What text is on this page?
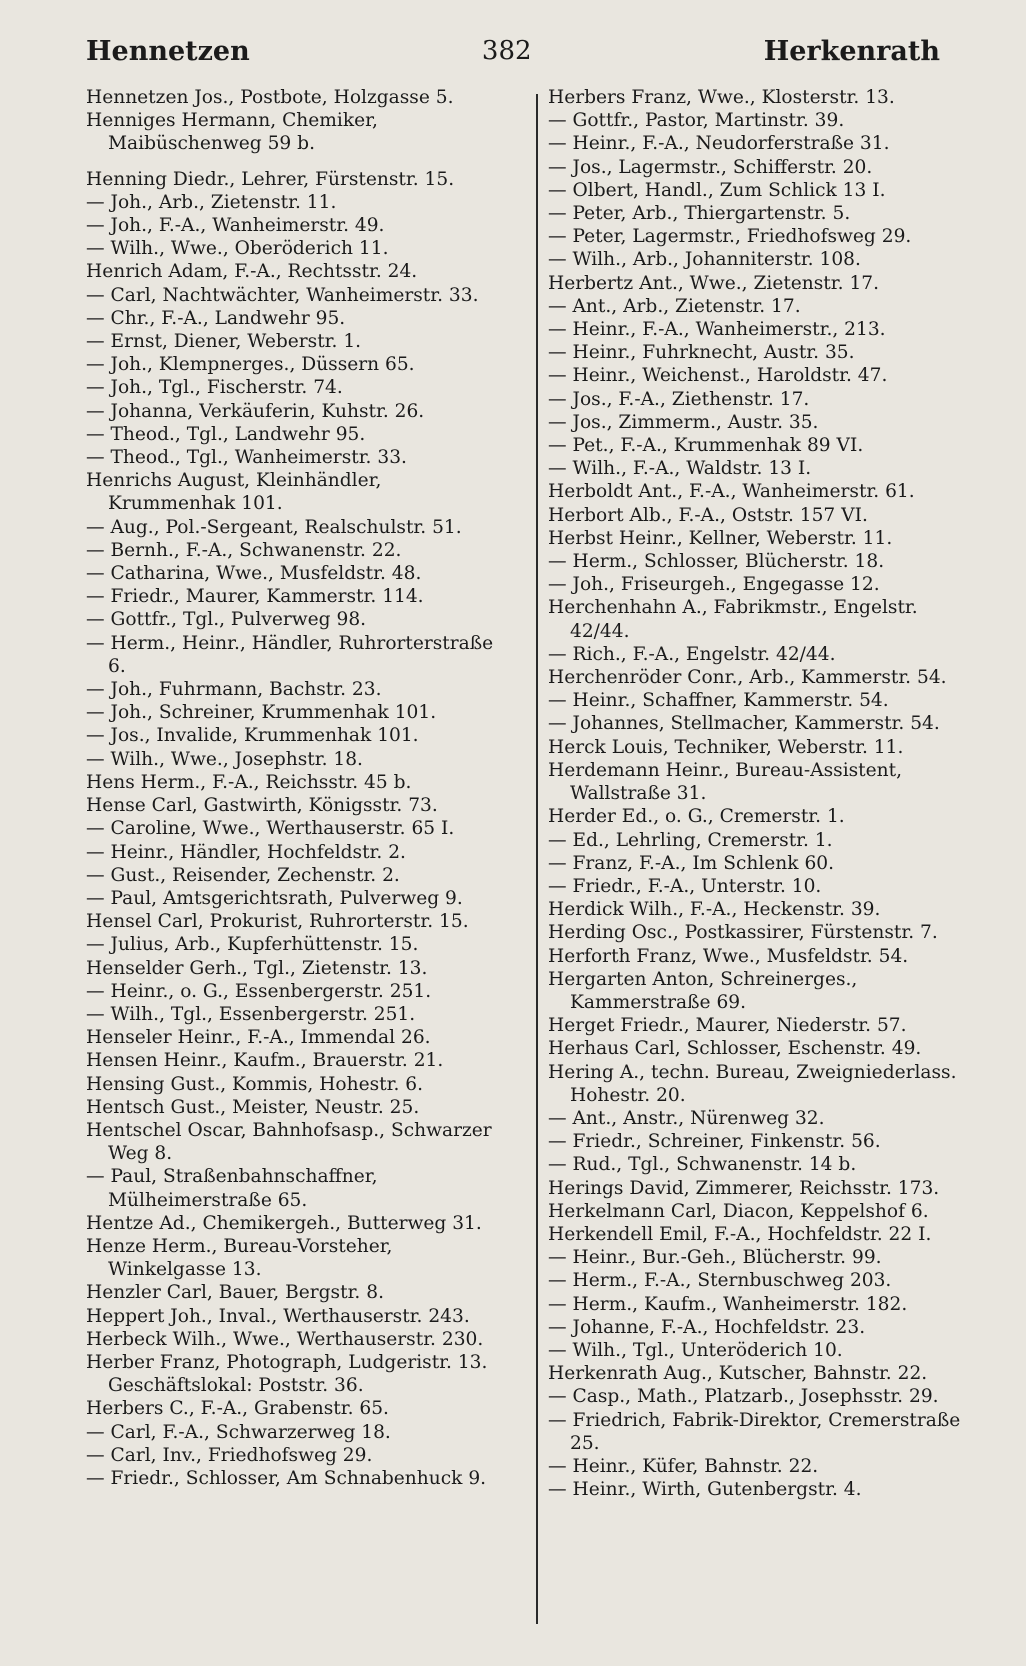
Hennetzen	382	Herkenrath
Hennetzen Jos., Postbote, Holzgasse 5.
Henniges Hermann, Chemiker, Maibüschenweg 59 b.
Henning Diedr., Lehrer, Fürstenstr. 15.
— Joh., Arb., Zietenstr. 11.
— Joh., F.-A., Wanheimerstr. 49.
— Wilh., Wwe., Oberöderich 11.
Henrich Adam, F.-A., Rechtsstr. 24.
— Carl, Nachtwächter, Wanheimerstr. 33.
— Chr., F.-A., Landwehr 95.
— Ernst, Diener, Weberstr. 1.
— Joh., Klempnerges., Düssern 65.
— Joh., Tgl., Fischerstr. 74.
— Johanna, Verkäuferin, Kuhstr. 26.
— Theod., Tgl., Landwehr 95.
— Theod., Tgl., Wanheimerstr. 33.
Henrichs August, Kleinhändler, Krummenhak 101.
— Aug., Pol.-Sergeant, Realschulstr. 51.
— Bernh., F.-A., Schwanenstr. 22.
— Catharina, Wwe., Musfeldstr. 48.
— Friedr., Maurer, Kammerstr. 114.
— Gottfr., Tgl., Pulverweg 98.
— Herm., Heinr., Händler, Ruhrorterstraße 6.
— Joh., Fuhrmann, Bachstr. 23.
— Joh., Schreiner, Krummenhak 101.
— Jos., Invalide, Krummenhak 101.
— Wilh., Wwe., Josephstr. 18.
Hens Herm., F.-A., Reichsstr. 45 b.
Hense Carl, Gastwirth, Königsstr. 73.
— Caroline, Wwe., Werthauserstr. 65 I.
— Heinr., Händler, Hochfeldstr. 2.
— Gust., Reisender, Zechenstr. 2.
— Paul, Amtsgerichtsrath, Pulverweg 9.
Hensel Carl, Prokurist, Ruhrorterstr. 15.
— Julius, Arb., Kupferhüttenstr. 15.
Henselder Gerh., Tgl., Zietenstr. 13.
— Heinr., o. G., Essenbergerstr. 251.
— Wilh., Tgl., Essenbergerstr. 251.
Henseler Heinr., F.-A., Immendal 26.
Hensen Heinr., Kaufm., Brauerstr. 21.
Hensing Gust., Kommis, Hohestr. 6.
Hentsch Gust., Meister, Neustr. 25.
Hentschel Oscar, Bahnhofsasp., Schwarzer Weg 8.
— Paul, Straßenbahnschaffner, Mülheimerstraße 65.
Hentze Ad., Chemikergeh., Butterweg 31.
Henze Herm., Bureau-Vorsteher, Winkelgasse 13.
Henzler Carl, Bauer, Bergstr. 8.
Heppert Joh., Inval., Werthauserstr. 243.
Herbeck Wilh., Wwe., Werthauserstr. 230.
Herber Franz, Photograph, Ludgeristr. 13. Geschäftslokal: Poststr. 36.
Herbers C., F.-A., Grabenstr. 65.
— Carl, F.-A., Schwarzerweg 18.
— Carl, Inv., Friedhofsweg 29.
— Friedr., Schlosser, Am Schnabenhuck 9.
Herbers Franz, Wwe., Klosterstr. 13.
— Gottfr., Pastor, Martinstr. 39.
— Heinr., F.-A., Neudorferstraße 31.
— Jos., Lagermstr., Schifferstr. 20.
— Olbert, Handl., Zum Schlick 13 I.
— Peter, Arb., Thiergartenstr. 5.
— Peter, Lagermstr., Friedhofsweg 29.
— Wilh., Arb., Johanniterstr. 108.
Herbertz Ant., Wwe., Zietenstr. 17.
— Ant., Arb., Zietenstr. 17.
— Heinr., F.-A., Wanheimerstr., 213.
— Heinr., Fuhrknecht, Austr. 35.
— Heinr., Weichenst., Haroldstr. 47.
— Jos., F.-A., Ziethenstr. 17.
— Jos., Zimmerm., Austr. 35.
— Pet., F.-A., Krummenhak 89 VI.
— Wilh., F.-A., Waldstr. 13 I.
Herboldt Ant., F.-A., Wanheimerstr. 61.
Herbort Alb., F.-A., Oststr. 157 VI.
Herbst Heinr., Kellner, Weberstr. 11.
— Herm., Schlosser, Blücherstr. 18.
— Joh., Friseurgeh., Engegasse 12.
Herchenhahn A., Fabrikmstr., Engelstr. 42/44.
— Rich., F.-A., Engelstr. 42/44.
Herchenröder Conr., Arb., Kammerstr. 54.
— Heinr., Schaffner, Kammerstr. 54.
— Johannes, Stellmacher, Kammerstr. 54.
Herck Louis, Techniker, Weberstr. 11.
Herdemann Heinr., Bureau-Assistent, Wallstraße 31.
Herder Ed., o. G., Cremerstr. 1.
— Ed., Lehrling, Cremerstr. 1.
— Franz, F.-A., Im Schlenk 60.
— Friedr., F.-A., Unterstr. 10.
Herdick Wilh., F.-A., Heckenstr. 39.
Herding Osc., Postkassirer, Fürstenstr. 7.
Herforth Franz, Wwe., Musfeldstr. 54.
Hergarten Anton, Schreinerges., Kammerstraße 69.
Herget Friedr., Maurer, Niederstr. 57.
Herhaus Carl, Schlosser, Eschenstr. 49.
Hering A., techn. Bureau, Zweigniederlass. Hohestr. 20.
— Ant., Anstr., Nürenweg 32.
— Friedr., Schreiner, Finkenstr. 56.
— Rud., Tgl., Schwanenstr. 14 b.
Herings David, Zimmerer, Reichsstr. 173.
Herkelmann Carl, Diacon, Keppelshof 6.
Herkendell Emil, F.-A., Hochfeldstr. 22 I.
— Heinr., Bur.-Geh., Blücherstr. 99.
— Herm., F.-A., Sternbuschweg 203.
— Herm., Kaufm., Wanheimerstr. 182.
— Johanne, F.-A., Hochfeldstr. 23.
— Wilh., Tgl., Unteröderich 10.
Herkenrath Aug., Kutscher, Bahnstr. 22.
— Casp., Math., Platzarb., Josephsstr. 29.
— Friedrich, Fabrik-Direktor, Cremerstraße 25.
— Heinr., Küfer, Bahnstr. 22.
— Heinr., Wirth, Gutenbergstr. 4.
